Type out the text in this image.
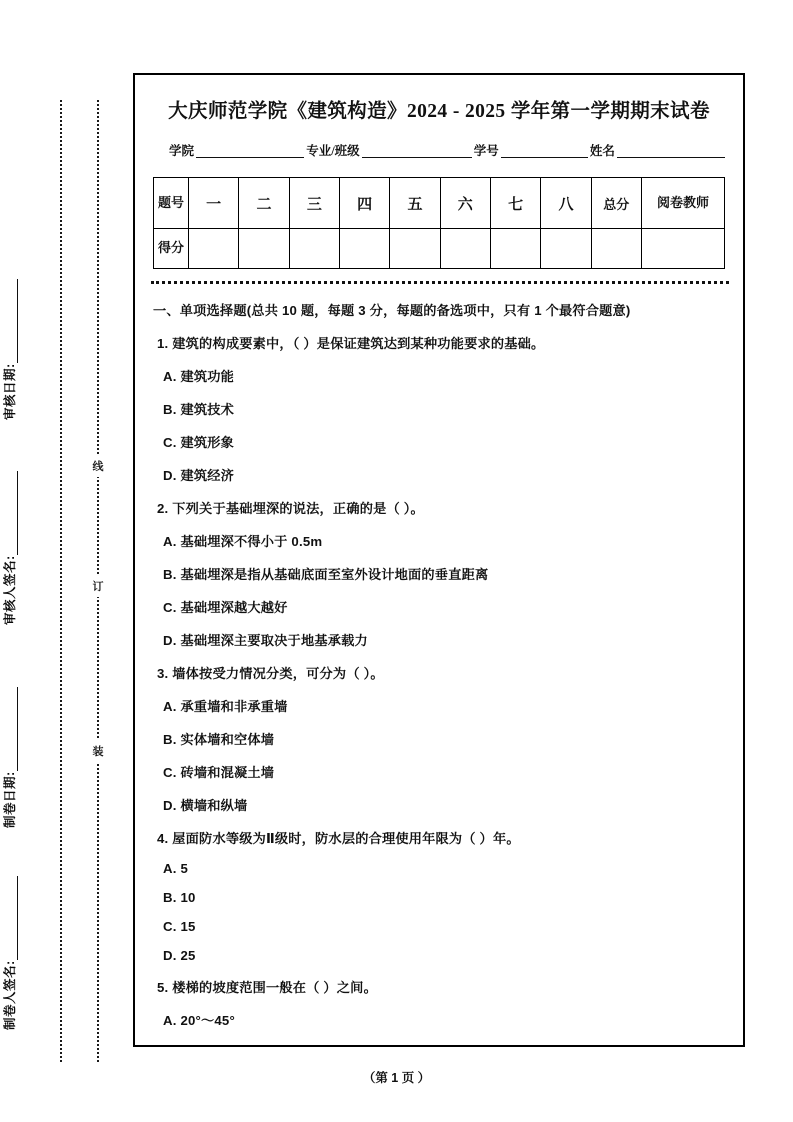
审核日期:
审核人签名:
制卷日期:
制卷人签名:
线
订
装
大庆师范学院《建筑构造》2024 - 2025 学年第一学期期末试卷
学院	专业/班级	学号	姓名
题号	一	二	三	四	五	六	七	八	总分	阅卷教师
得分										
一、单项选择题(总共 10 题，每题 3 分，每题的备选项中，只有 1 个最符合题意)
1. 建筑的构成要素中，（ ）是保证建筑达到某种功能要求的基础。
A. 建筑功能
B. 建筑技术
C. 建筑形象
D. 建筑经济
2. 下列关于基础埋深的说法，正确的是（ ）。
A. 基础埋深不得小于 0.5m
B. 基础埋深是指从基础底面至室外设计地面的垂直距离
C. 基础埋深越大越好
D. 基础埋深主要取决于地基承载力
3. 墙体按受力情况分类，可分为（ ）。
A. 承重墙和非承重墙
B. 实体墙和空体墙
C. 砖墙和混凝土墙
D. 横墙和纵墙
4. 屋面防水等级为Ⅱ级时，防水层的合理使用年限为（ ）年。
A. 5
B. 10
C. 15
D. 25
5. 楼梯的坡度范围一般在（ ）之间。
A. 20°～45°
（第 1 页 ）
